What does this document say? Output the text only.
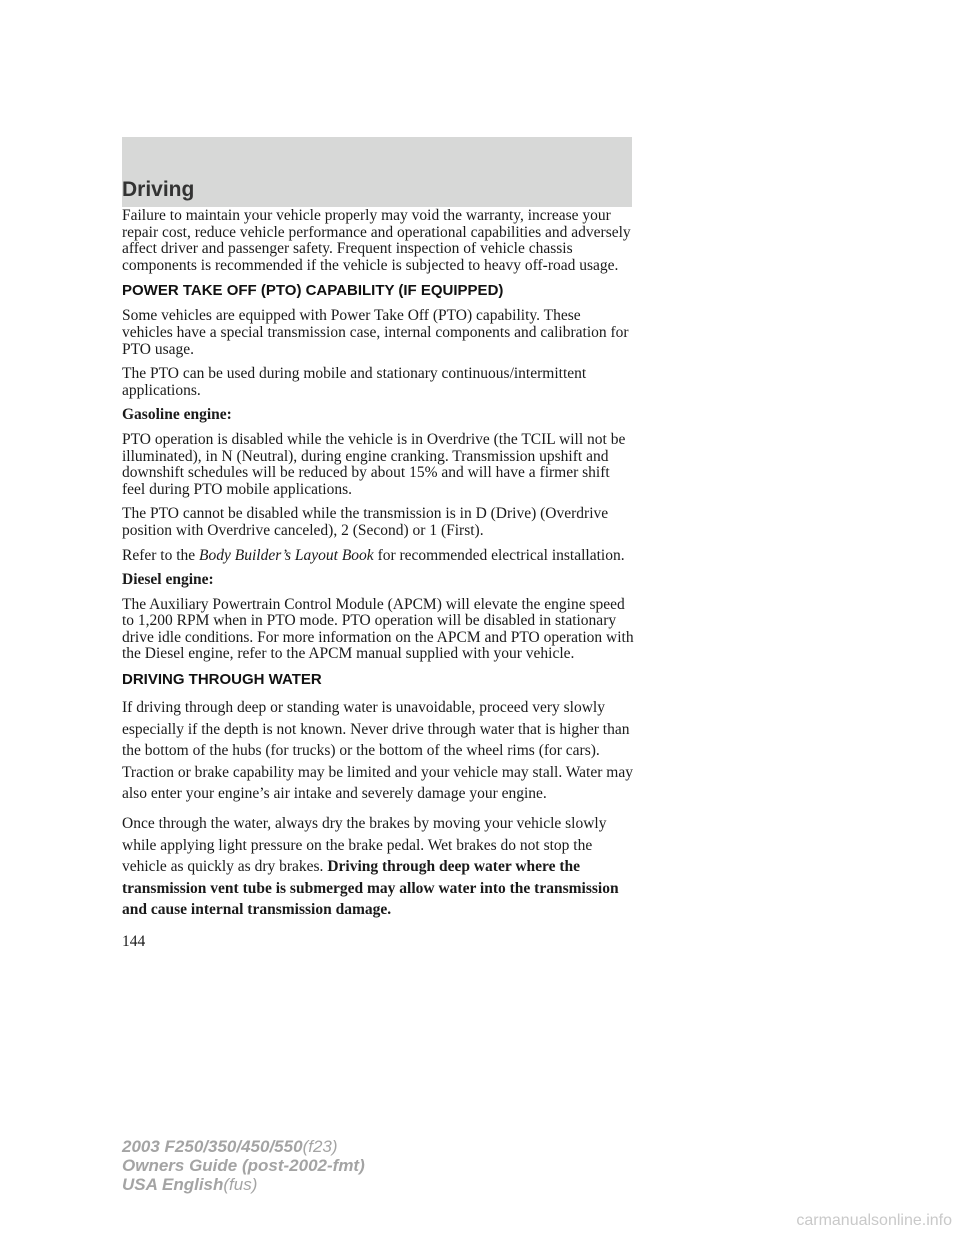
Driving

Failure to maintain your vehicle properly may void the warranty, increase your repair cost, reduce vehicle performance and operational capabilities and adversely affect driver and passenger safety. Frequent inspection of vehicle chassis components is recommended if the vehicle is subjected to heavy off-road usage.

POWER TAKE OFF (PTO) CAPABILITY (IF EQUIPPED)

Some vehicles are equipped with Power Take Off (PTO) capability. These vehicles have a special transmission case, internal components and calibration for PTO usage.

The PTO can be used during mobile and stationary continuous/intermittent applications.

Gasoline engine:

PTO operation is disabled while the vehicle is in Overdrive (the TCIL will not be illuminated), in N (Neutral), during engine cranking. Transmission upshift and downshift schedules will be reduced by about 15% and will have a firmer shift feel during PTO mobile applications.

The PTO cannot be disabled while the transmission is in D (Drive) (Overdrive position with Overdrive canceled), 2 (Second) or 1 (First).

Refer to the Body Builder’s Layout Book for recommended electrical installation.

Diesel engine:

The Auxiliary Powertrain Control Module (APCM) will elevate the engine speed to 1,200 RPM when in PTO mode. PTO operation will be disabled in stationary drive idle conditions. For more information on the APCM and PTO operation with the Diesel engine, refer to the APCM manual supplied with your vehicle.

DRIVING THROUGH WATER

If driving through deep or standing water is unavoidable, proceed very slowly especially if the depth is not known. Never drive through water that is higher than the bottom of the hubs (for trucks) or the bottom of the wheel rims (for cars). Traction or brake capability may be limited and your vehicle may stall. Water may also enter your engine’s air intake and severely damage your engine.

Once through the water, always dry the brakes by moving your vehicle slowly while applying light pressure on the brake pedal. Wet brakes do not stop the vehicle as quickly as dry brakes. Driving through deep water where the transmission vent tube is submerged may allow water into the transmission and cause internal transmission damage.

144
2003 F250/350/450/550(f23)
Owners Guide (post-2002-fmt)
USA English(fus)
carmanualsonline.info
